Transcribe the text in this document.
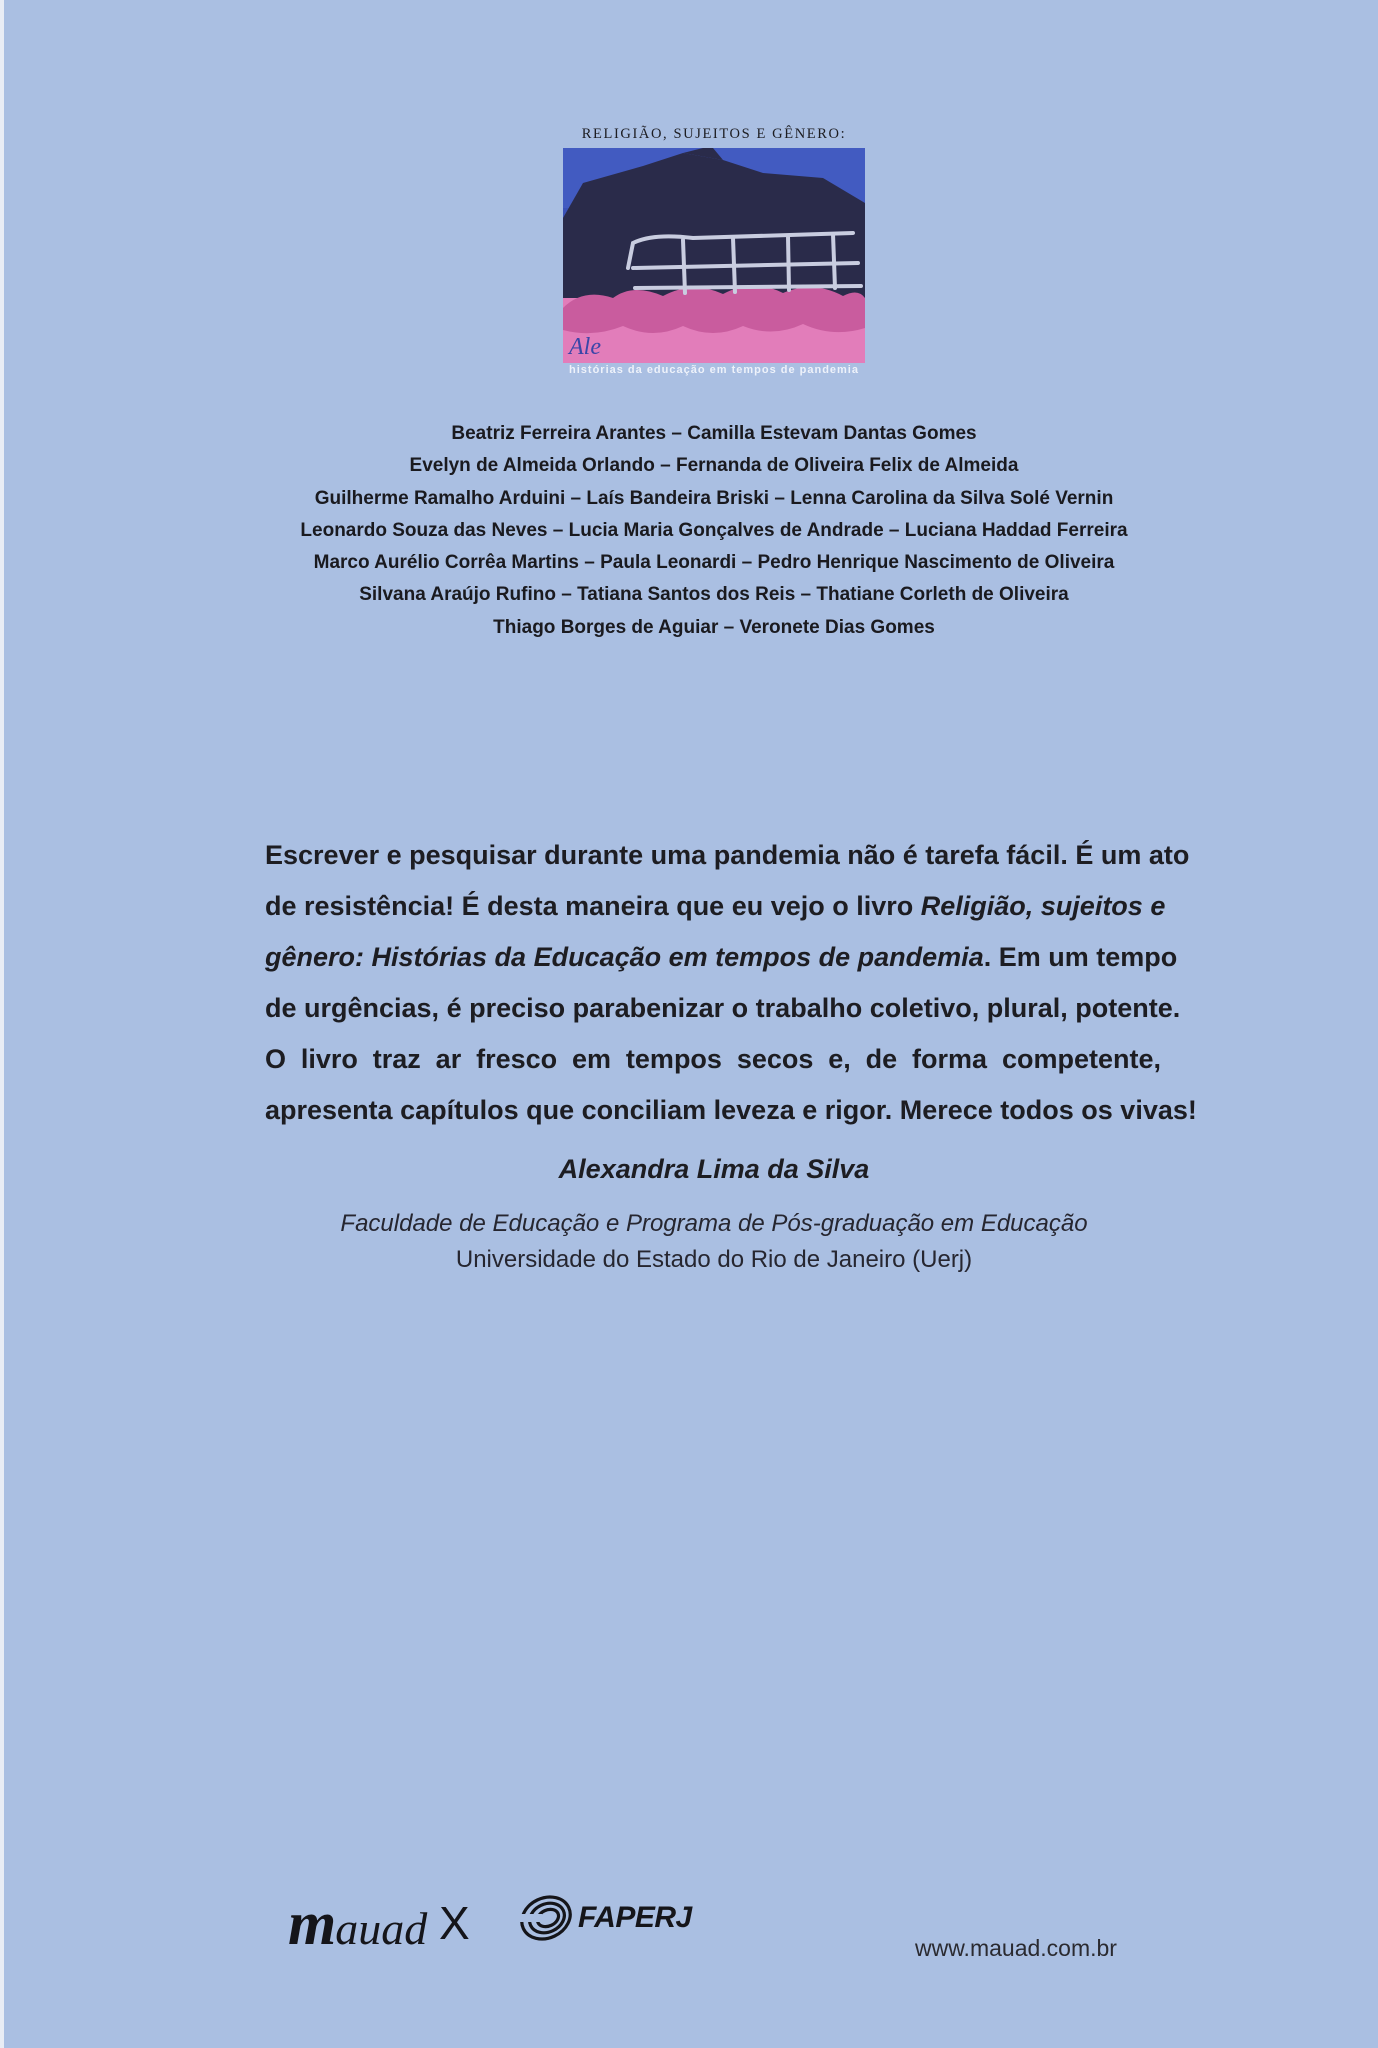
RELIGIÃO, SUJEITOS E GÊNERO:
Ale
histórias da educação em tempos de pandemia
Beatriz Ferreira Arantes – Camilla Estevam Dantas Gomes
Evelyn de Almeida Orlando – Fernanda de Oliveira Felix de Almeida
Guilherme Ramalho Arduini – Laís Bandeira Briski – Lenna Carolina da Silva Solé Vernin
Leonardo Souza das Neves – Lucia Maria Gonçalves de Andrade – Luciana Haddad Ferreira
Marco Aurélio Corrêa Martins – Paula Leonardi – Pedro Henrique Nascimento de Oliveira
Silvana Araújo Rufino – Tatiana Santos dos Reis – Thatiane Corleth de Oliveira
Thiago Borges de Aguiar – Veronete Dias Gomes
Escrever e pesquisar durante uma pandemia não é tarefa fácil. É um ato
de resistência! É desta maneira que eu vejo o livro Religião, sujeitos e
gênero: Histórias da Educação em tempos de pandemia. Em um tempo
de urgências, é preciso parabenizar o trabalho coletivo, plural, potente.
O livro traz ar fresco em tempos secos e, de forma competente,
apresenta capítulos que conciliam leveza e rigor. Merece todos os vivas!
Alexandra Lima da Silva
Faculdade de Educação e Programa de Pós-graduação em Educação
Universidade do Estado do Rio de Janeiro (Uerj)
mauad X	FAPERJ
www.mauad.com.br
